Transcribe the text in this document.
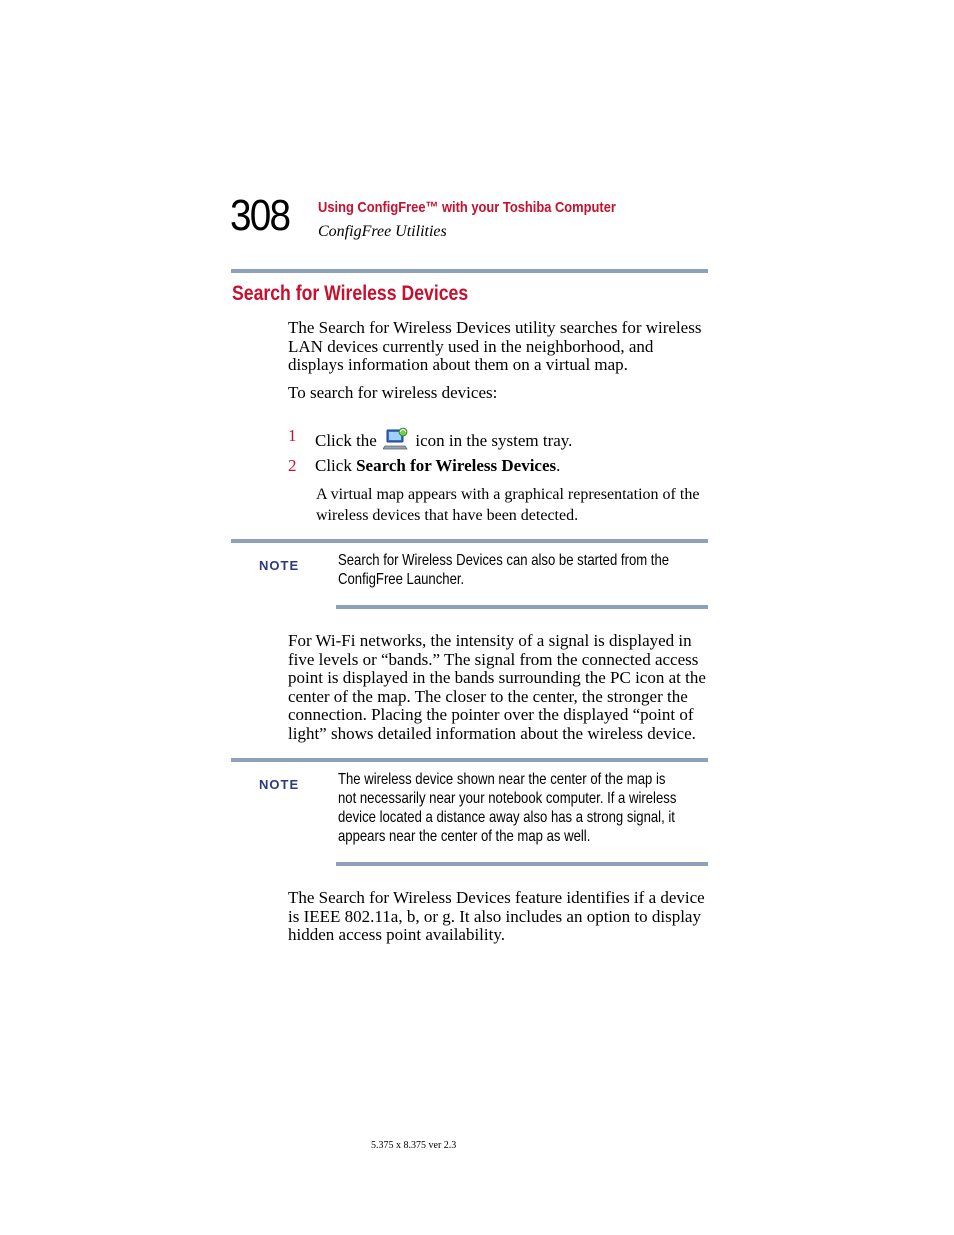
308 Using ConfigFree™ with your Toshiba Computer
ConfigFree Utilities
Search for Wireless Devices
The Search for Wireless Devices utility searches for wireless LAN devices currently used in the neighborhood, and displays information about them on a virtual map.
To search for wireless devices:
1 Click the icon in the system tray.
2 Click Search for Wireless Devices.
A virtual map appears with a graphical representation of the wireless devices that have been detected.
NOTE Search for Wireless Devices can also be started from the ConfigFree Launcher.
For Wi-Fi networks, the intensity of a signal is displayed in five levels or “bands.” The signal from the connected access point is displayed in the bands surrounding the PC icon at the center of the map. The closer to the center, the stronger the connection. Placing the pointer over the displayed “point of light” shows detailed information about the wireless device.
NOTE The wireless device shown near the center of the map is not necessarily near your notebook computer. If a wireless device located a distance away also has a strong signal, it appears near the center of the map as well.
The Search for Wireless Devices feature identifies if a device is IEEE 802.11a, b, or g. It also includes an option to display hidden access point availability.
5.375 x 8.375 ver 2.3
